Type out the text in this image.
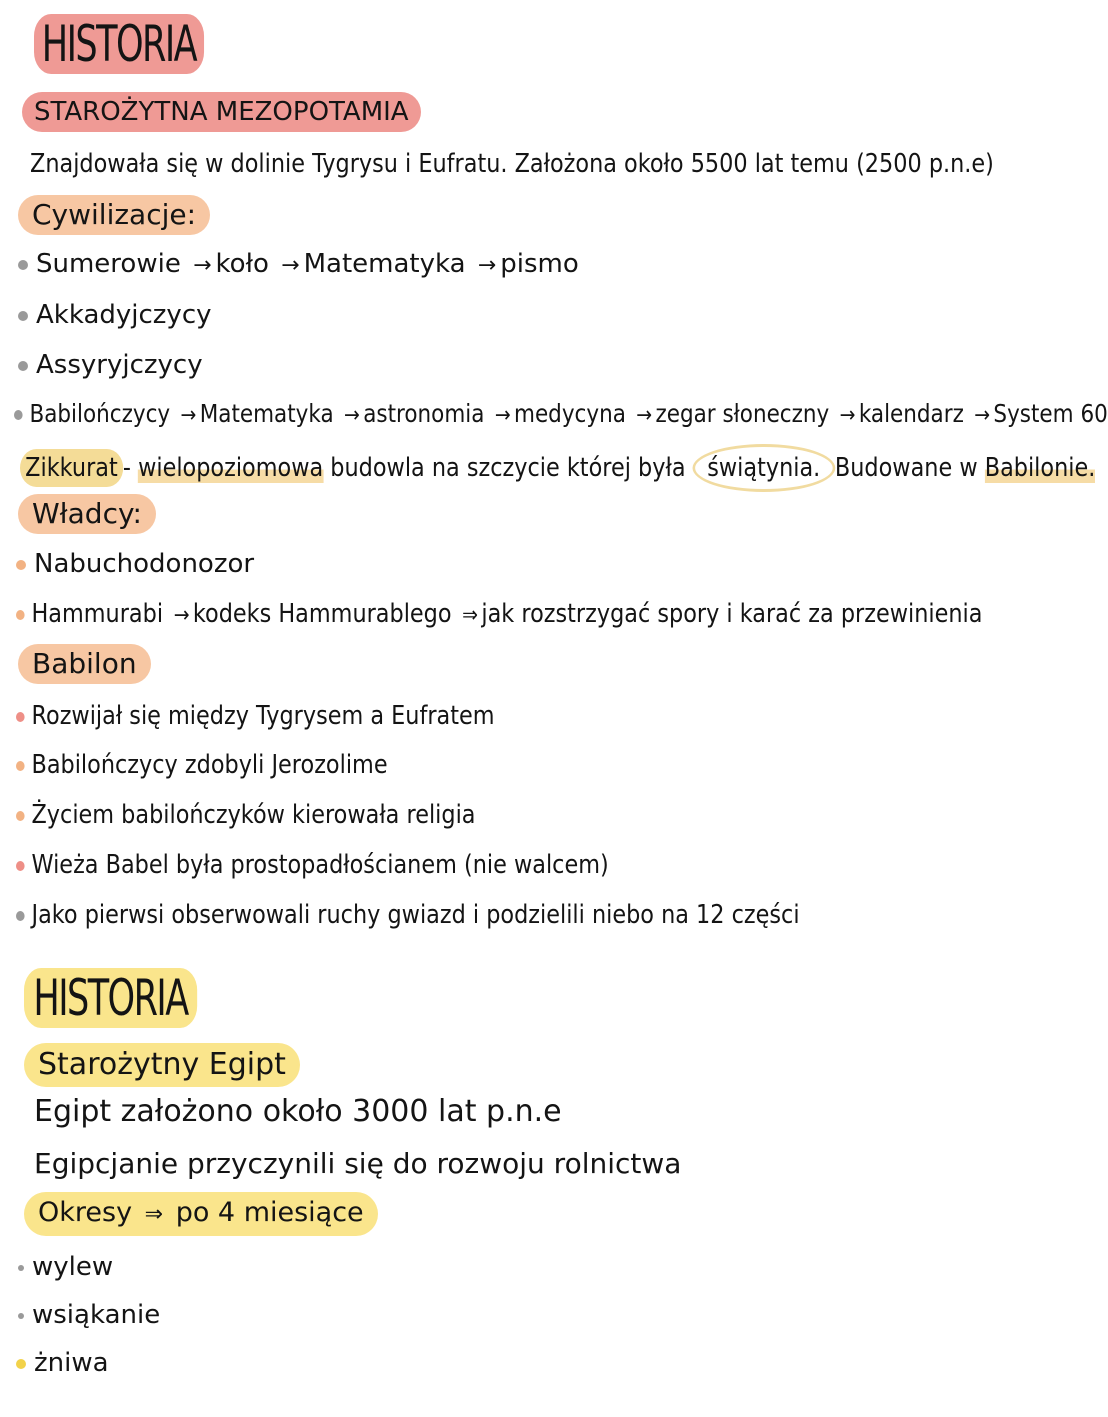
HISTORIA
STAROŻYTNA MEZOPOTAMIA
Znajdowała się w dolinie Tygrysu i Eufratu. Założona około 5500 lat temu (2500 p.n.e)
Cywilizacje:
Sumerowie → koło → Matematyka → pismo
Akkadyjczycy
Assyryjczycy
Babilończycy → Matematyka → astronomia → medycyna → zegar słoneczny → kalendarz → System 60
Zikkurat - wielopoziomowa budowla na szczycie której była świątynia. Budowane w Babilonie.
Władcy:
Nabuchodonozor
Hammurabi → kodeks Hammurablego ⇒ jak rozstrzygać spory i karać za przewinienia
Babilon
Rozwijał się między Tygrysem a Eufratem
Babilończycy zdobyli Jerozolime
Życiem babilończyków kierowała religia
Wieża Babel była prostopadłościanem (nie walcem)
Jako pierwsi obserwowali ruchy gwiazd i podzielili niebo na 12 części
HISTORIA
Starożytny Egipt
Egipt założono około 3000 lat p.n.e
Egipcjanie przyczynili się do rozwoju rolnictwa
Okresy ⇒ po 4 miesiące
wylew
wsiąkanie
żniwa
